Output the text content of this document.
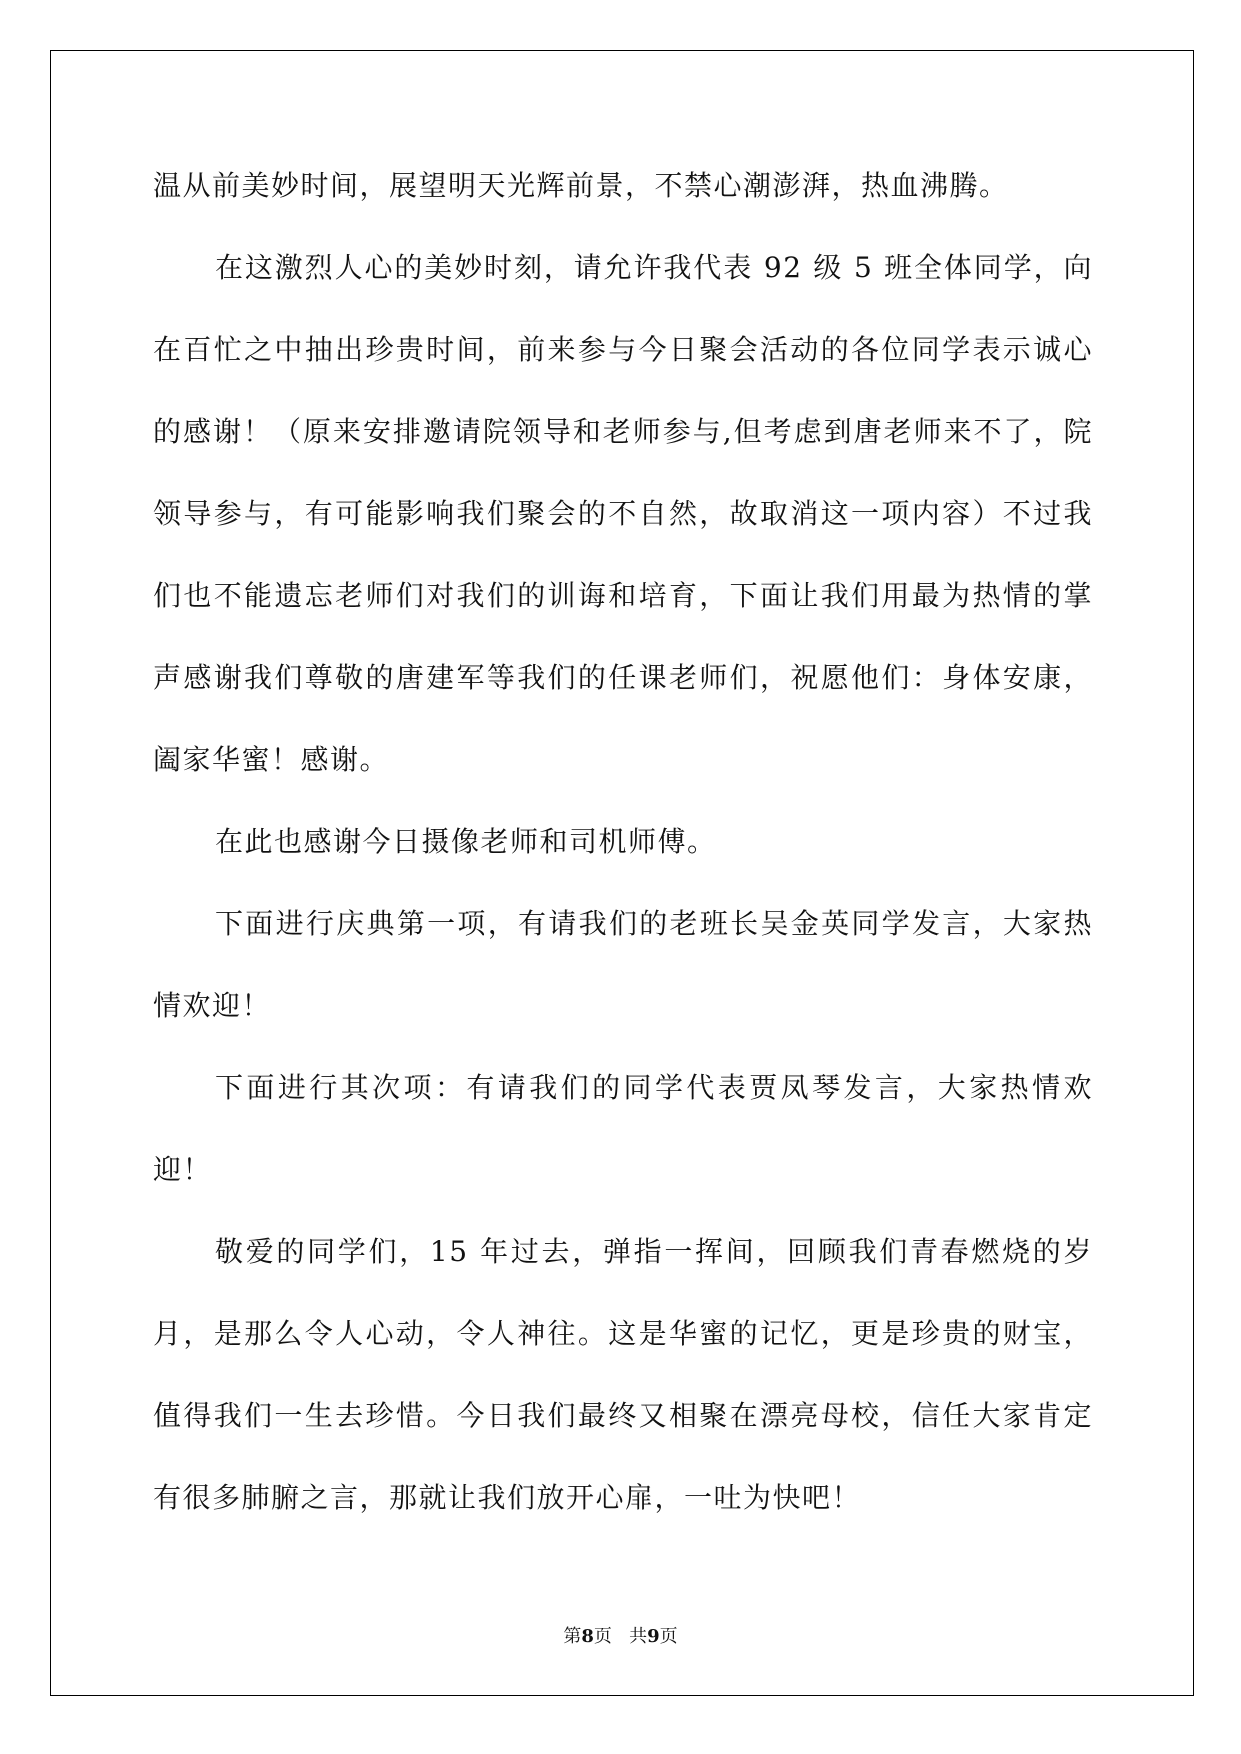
温从前美妙时间，展望明天光辉前景，不禁心潮澎湃，热血沸腾。

在这激烈人心的美妙时刻，请允许我代表 92 级 5 班全体同学，向在百忙之中抽出珍贵时间，前来参与今日聚会活动的各位同学表示诚心的感谢！（原来安排邀请院领导和老师参与,但考虑到唐老师来不了，院领导参与，有可能影响我们聚会的不自然，故取消这一项内容）不过我们也不能遗忘老师们对我们的训诲和培育，下面让我们用最为热情的掌声感谢我们尊敬的唐建军等我们的任课老师们，祝愿他们：身体安康，阖家华蜜！感谢。

在此也感谢今日摄像老师和司机师傅。

下面进行庆典第一项，有请我们的老班长吴金英同学发言，大家热情欢迎！

下面进行其次项：有请我们的同学代表贾凤琴发言，大家热情欢迎！

敬爱的同学们，15 年过去，弹指一挥间，回顾我们青春燃烧的岁月，是那么令人心动，令人神往。这是华蜜的记忆，更是珍贵的财宝，值得我们一生去珍惜。今日我们最终又相聚在漂亮母校，信任大家肯定有很多肺腑之言，那就让我们放开心扉，一吐为快吧！

第8页 共9页
